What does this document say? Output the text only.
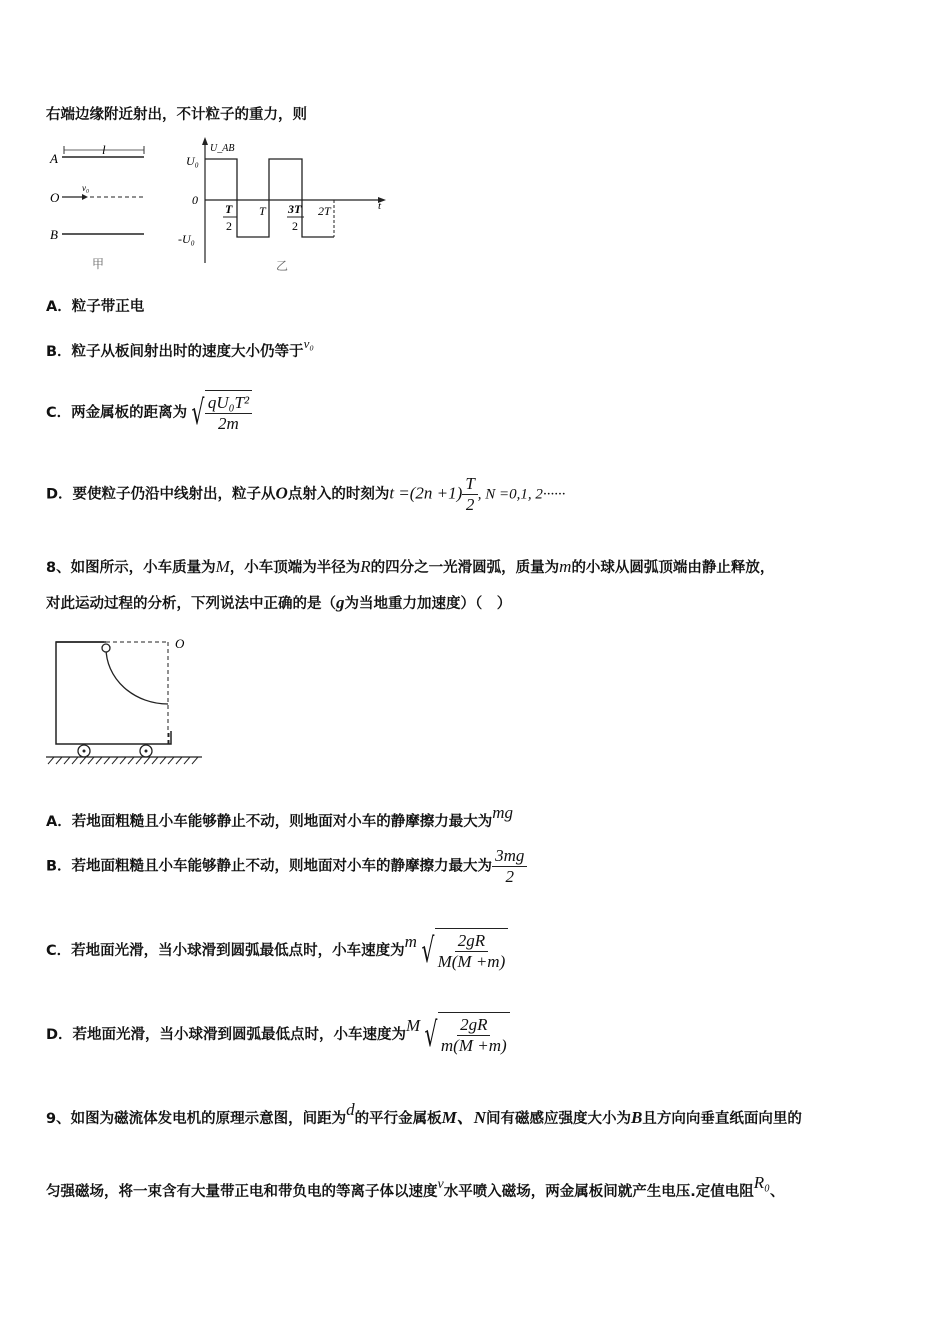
右端边缘附近射出，不计粒子的重力，则
A
l
O
v₀
B
甲
U_AB
t
U₀
0
-U₀
T
2
T 3T
2
2T
乙
A．粒子带正电
B．粒子从板间射出时的速度大小仍等于v₀
C．两金属板的距离为 √ $\frac{\text{qU₀T²}}{2m}$
D．要使粒子仍沿中线射出，粒子从O点射入的时刻为$t =(2n +1) \frac{T}{2}$ , N =0,1, 2······
8、如图所示，小车质量为M，小车顶端为半径为R的四分之一光滑圆弧，质量为m的小球从圆弧顶端由静止释放，
对此运动过程的分析，下列说法中正确的是（g为当地重力加速度）（　）
O
A．若地面粗糙且小车能够静止不动，则地面对小车的静摩擦力最大为mg
B．若地面粗糙且小车能够静止不动，则地面对小车的静摩擦力最大为 $\frac{3mg}{2}$
C．若地面光滑，当小球滑到圆弧最低点时，小车速度为m √ $\frac{2gR}{M(M +m)}$
D．若地面光滑，当小球滑到圆弧最低点时，小车速度为M √ $\frac{2gR}{m(M +m)}$
9、如图为磁流体发电机的原理示意图，间距为d的平行金属板M、N间有磁感应强度大小为B且方向向垂直纸面向里的
匀强磁场，将一束含有大量带正电和带负电的等离子体以速度v水平喷入磁场，两金属板间就产生电压.定值电阻R₀、
